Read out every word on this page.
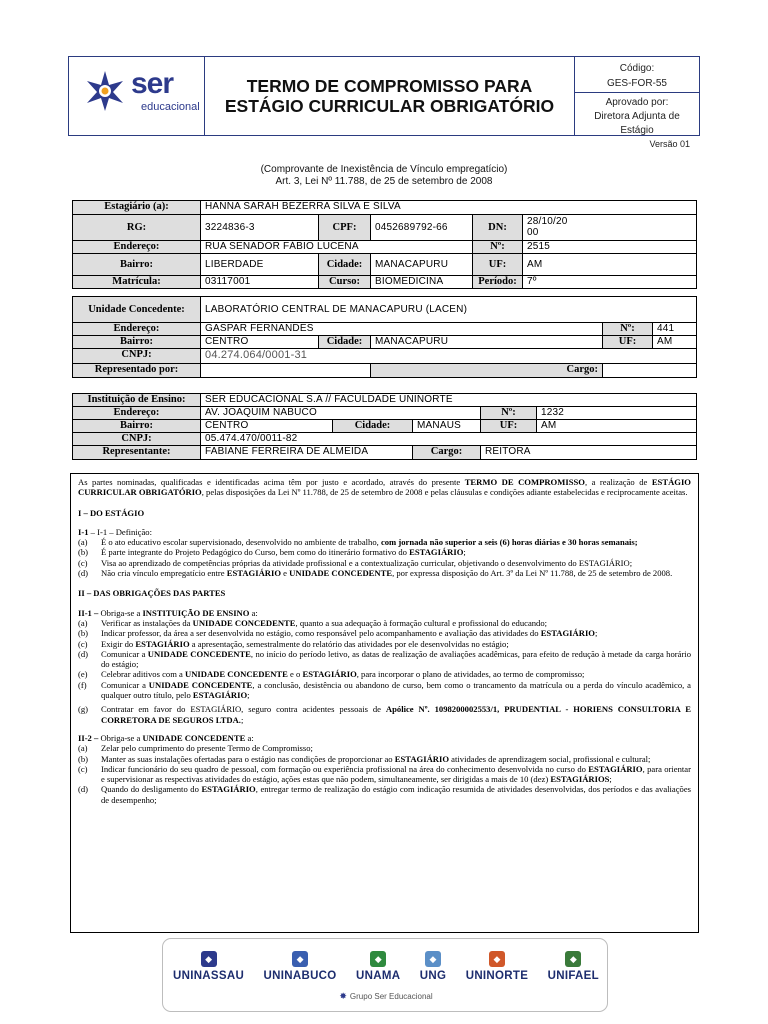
ser
educacional
TERMO DE COMPROMISSO PARA
ESTÁGIO CURRICULAR OBRIGATÓRIO
Código:
GES-FOR-55
Aprovado por:
Diretora Adjunta de
Estágio
Versão 01
(Comprovante de Inexistência de Vínculo empregatício)
Art. 3, Lei Nº 11.788, de 25 de setembro de 2008
Estagiário (a):	HANNA SARAH BEZERRA SILVA E SILVA				
RG:	3224836-3	CPF:	0452689792-66	DN:	28/10/20
00
Endereço:	RUA SENADOR FÁBIO LUCENA			Nº:	2515
Bairro:	LIBERDADE	Cidade:	MANACAPURU	UF:	AM
Matrícula:	03117001	Curso:	BIOMEDICINA	Período:	7º
Unidade Concedente:	LABORATÓRIO CENTRAL DE MANACAPURU (LACEN)				
Endereço:	GASPAR FERNANDES			Nº:	441
Bairro:	CENTRO	Cidade:	MANACAPURU	UF:	AM
CNPJ:	04.274.064/0001-31				
Representado por:			Cargo:		
Instituição de Ensino:	SER EDUCACIONAL S.A // FACULDADE UNINORTE				
Endereço:	AV. JOAQUIM NABUCO			Nº:	1232
Bairro:	CENTRO	Cidade:	MANAUS	UF:	AM
CNPJ:	05.474.470/0011-82				
Representante:	FABIANE FERREIRA DE ALMEIDA		Cargo:	REITORA	

As partes nominadas, qualificadas e identificadas acima têm por justo e acordado, através do presente TERMO DE COMPROMISSO, a realização de ESTÁGIO CURRICULAR OBRIGATÓRIO, pelas disposições da Lei Nº 11.788, de 25 de setembro de 2008 e pelas cláusulas e condições adiante estabelecidas e reciprocamente aceitas.

I – DO ESTÁGIO
I-1 – I-1 – Definição:
(a)	É o ato educativo escolar supervisionado, desenvolvido no ambiente de trabalho, com jornada não superior a seis (6) horas diárias e 30 horas semanais;
(b)	É parte integrante do Projeto Pedagógico do Curso, bem como do itinerário formativo do ESTAGIÁRIO;
(c)	Visa ao aprendizado de competências próprias da atividade profissional e a contextualização curricular, objetivando o desenvolvimento do ESTAGIÁRIO;
(d)	Não cria vínculo empregatício entre ESTAGIÁRIO e UNIDADE CONCEDENTE, por expressa disposição do Art. 3º da Lei Nº 11.788, de 25 de setembro de 2008.
II – DAS OBRIGAÇÕES DAS PARTES
II-1 – Obriga-se a INSTITUIÇÃO DE ENSINO a:
(a)	Verificar as instalações da UNIDADE CONCEDENTE, quanto a sua adequação à formação cultural e profissional do educando;
(b)	Indicar professor, da área a ser desenvolvida no estágio, como responsável pelo acompanhamento e avaliação das atividades do ESTAGIÁRIO;
(c)	Exigir do ESTAGIÁRIO a apresentação, semestralmente do relatório das atividades por ele desenvolvidas no estágio;
(d)	Comunicar a UNIDADE CONCEDENTE, no início do período letivo, as datas de realização de avaliações acadêmicas, para efeito de redução à metade da carga horário do estágio;
(e)	Celebrar aditivos com a UNIDADE CONCEDENTE e o ESTAGIÁRIO, para incorporar o plano de atividades, ao termo de compromisso;
(f)	Comunicar a UNIDADE CONCEDENTE, a conclusão, desistência ou abandono de curso, bem como o trancamento da matrícula ou a perda do vínculo acadêmico, a qualquer outro título, pelo ESTAGIÁRIO;
(g)	Contratar em favor do ESTAGIÁRIO, seguro contra acidentes pessoais de Apólice Nº. 1098200002553/1, PRUDENTIAL - HORIENS CONSULTORIA E CORRETORA DE SEGUROS LTDA.;
II-2 – Obriga-se a UNIDADE CONCEDENTE a:
(a)	Zelar pelo cumprimento do presente Termo de Compromisso;
(b)	Manter as suas instalações ofertadas para o estágio nas condições de proporcionar ao ESTAGIÁRIO atividades de aprendizagem social, profissional e cultural;
(c)	Indicar funcionário do seu quadro de pessoal, com formação ou experiência profissional na área do conhecimento desenvolvida no curso do ESTAGIÁRIO, para orientar e supervisionar as respectivas atividades do estágio, ações estas que não podem, simultaneamente, ser dirigidas a mais de 10 (dez) ESTAGIÁRIOS;
(d)	Quando do desligamento do ESTAGIÁRIO, entregar termo de realização do estágio com indicação resumida de atividades desenvolvidas, dos períodos e das avaliações de desempenho;
◆
UNINASSAU
◆
UNINABUCO
◆
UNAMA
◆
UNG
◆
UNINORTE
◆
UNIFAEL
✸ Grupo Ser Educacional
